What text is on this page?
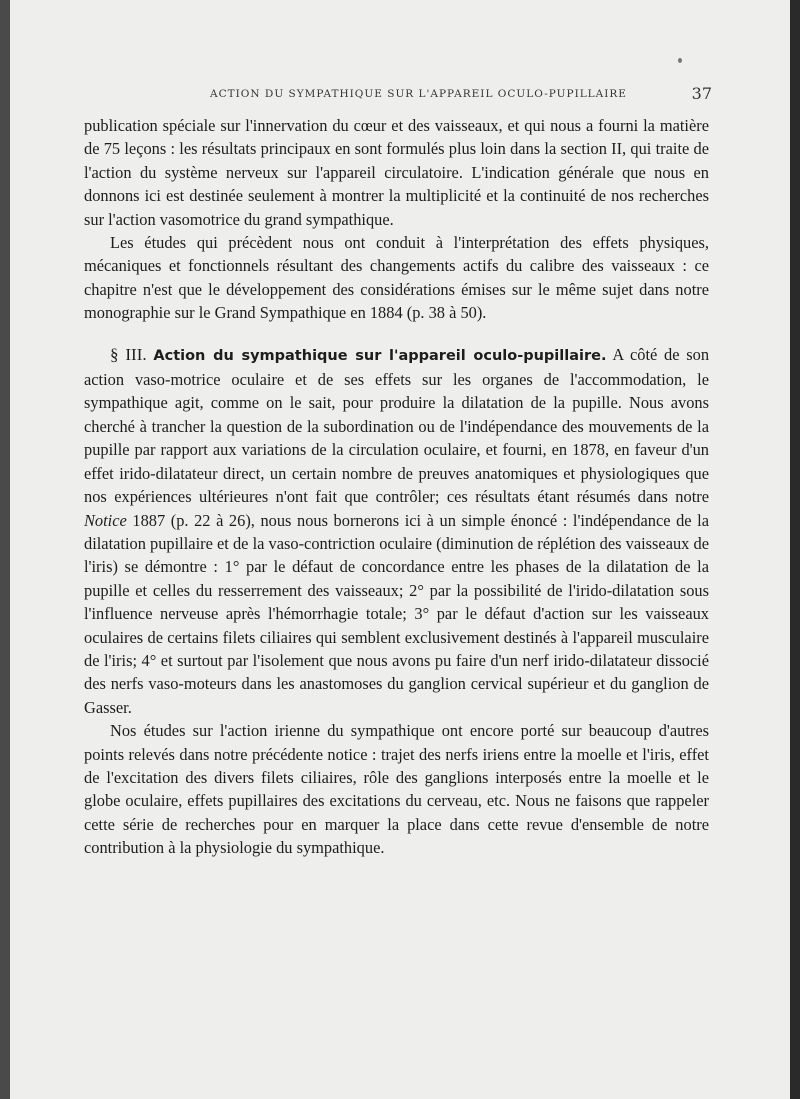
ACTION DU SYMPATHIQUE SUR L'APPAREIL OCULO-PUPILLAIRE	37

publication spéciale sur l'innervation du cœur et des vaisseaux, et qui nous a fourni la matière de 75 leçons : les résultats principaux en sont formulés plus loin dans la section II, qui traite de l'action du système nerveux sur l'appareil circulatoire. L'indication générale que nous en donnons ici est destinée seulement à montrer la multiplicité et la continuité de nos recherches sur l'action vasomotrice du grand sympathique.

Les études qui précèdent nous ont conduit à l'interprétation des effets physiques, mécaniques et fonctionnels résultant des changements actifs du calibre des vaisseaux : ce chapitre n'est que le développement des considérations émises sur le même sujet dans notre monographie sur le Grand Sympathique en 1884 (p. 38 à 50).

§ III. Action du sympathique sur l'appareil oculo-pupillaire. A côté de son action vaso-motrice oculaire et de ses effets sur les organes de l'accommodation, le sympathique agit, comme on le sait, pour produire la dilatation de la pupille. Nous avons cherché à trancher la question de la subordination ou de l'indépendance des mouvements de la pupille par rapport aux variations de la circulation oculaire, et fourni, en 1878, en faveur d'un effet irido-dilatateur direct, un certain nombre de preuves anatomiques et physiologiques que nos expériences ultérieures n'ont fait que contrôler; ces résultats étant résumés dans notre Notice 1887 (p. 22 à 26), nous nous bornerons ici à un simple énoncé : l'indépendance de la dilatation pupillaire et de la vaso-contriction oculaire (diminution de réplétion des vaisseaux de l'iris) se démontre : 1° par le défaut de concordance entre les phases de la dilatation de la pupille et celles du resserrement des vaisseaux; 2° par la possibilité de l'irido-dilatation sous l'influence nerveuse après l'hémorrhagie totale; 3° par le défaut d'action sur les vaisseaux oculaires de certains filets ciliaires qui semblent exclusivement destinés à l'appareil musculaire de l'iris; 4° et surtout par l'isolement que nous avons pu faire d'un nerf irido-dilatateur dissocié des nerfs vaso-moteurs dans les anastomoses du ganglion cervical supérieur et du ganglion de Gasser.

Nos études sur l'action irienne du sympathique ont encore porté sur beaucoup d'autres points relevés dans notre précédente notice : trajet des nerfs iriens entre la moelle et l'iris, effet de l'excitation des divers filets ciliaires, rôle des ganglions interposés entre la moelle et le globe oculaire, effets pupillaires des excitations du cerveau, etc. Nous ne faisons que rappeler cette série de recherches pour en marquer la place dans cette revue d'ensemble de notre contribution à la physiologie du sympathique.
